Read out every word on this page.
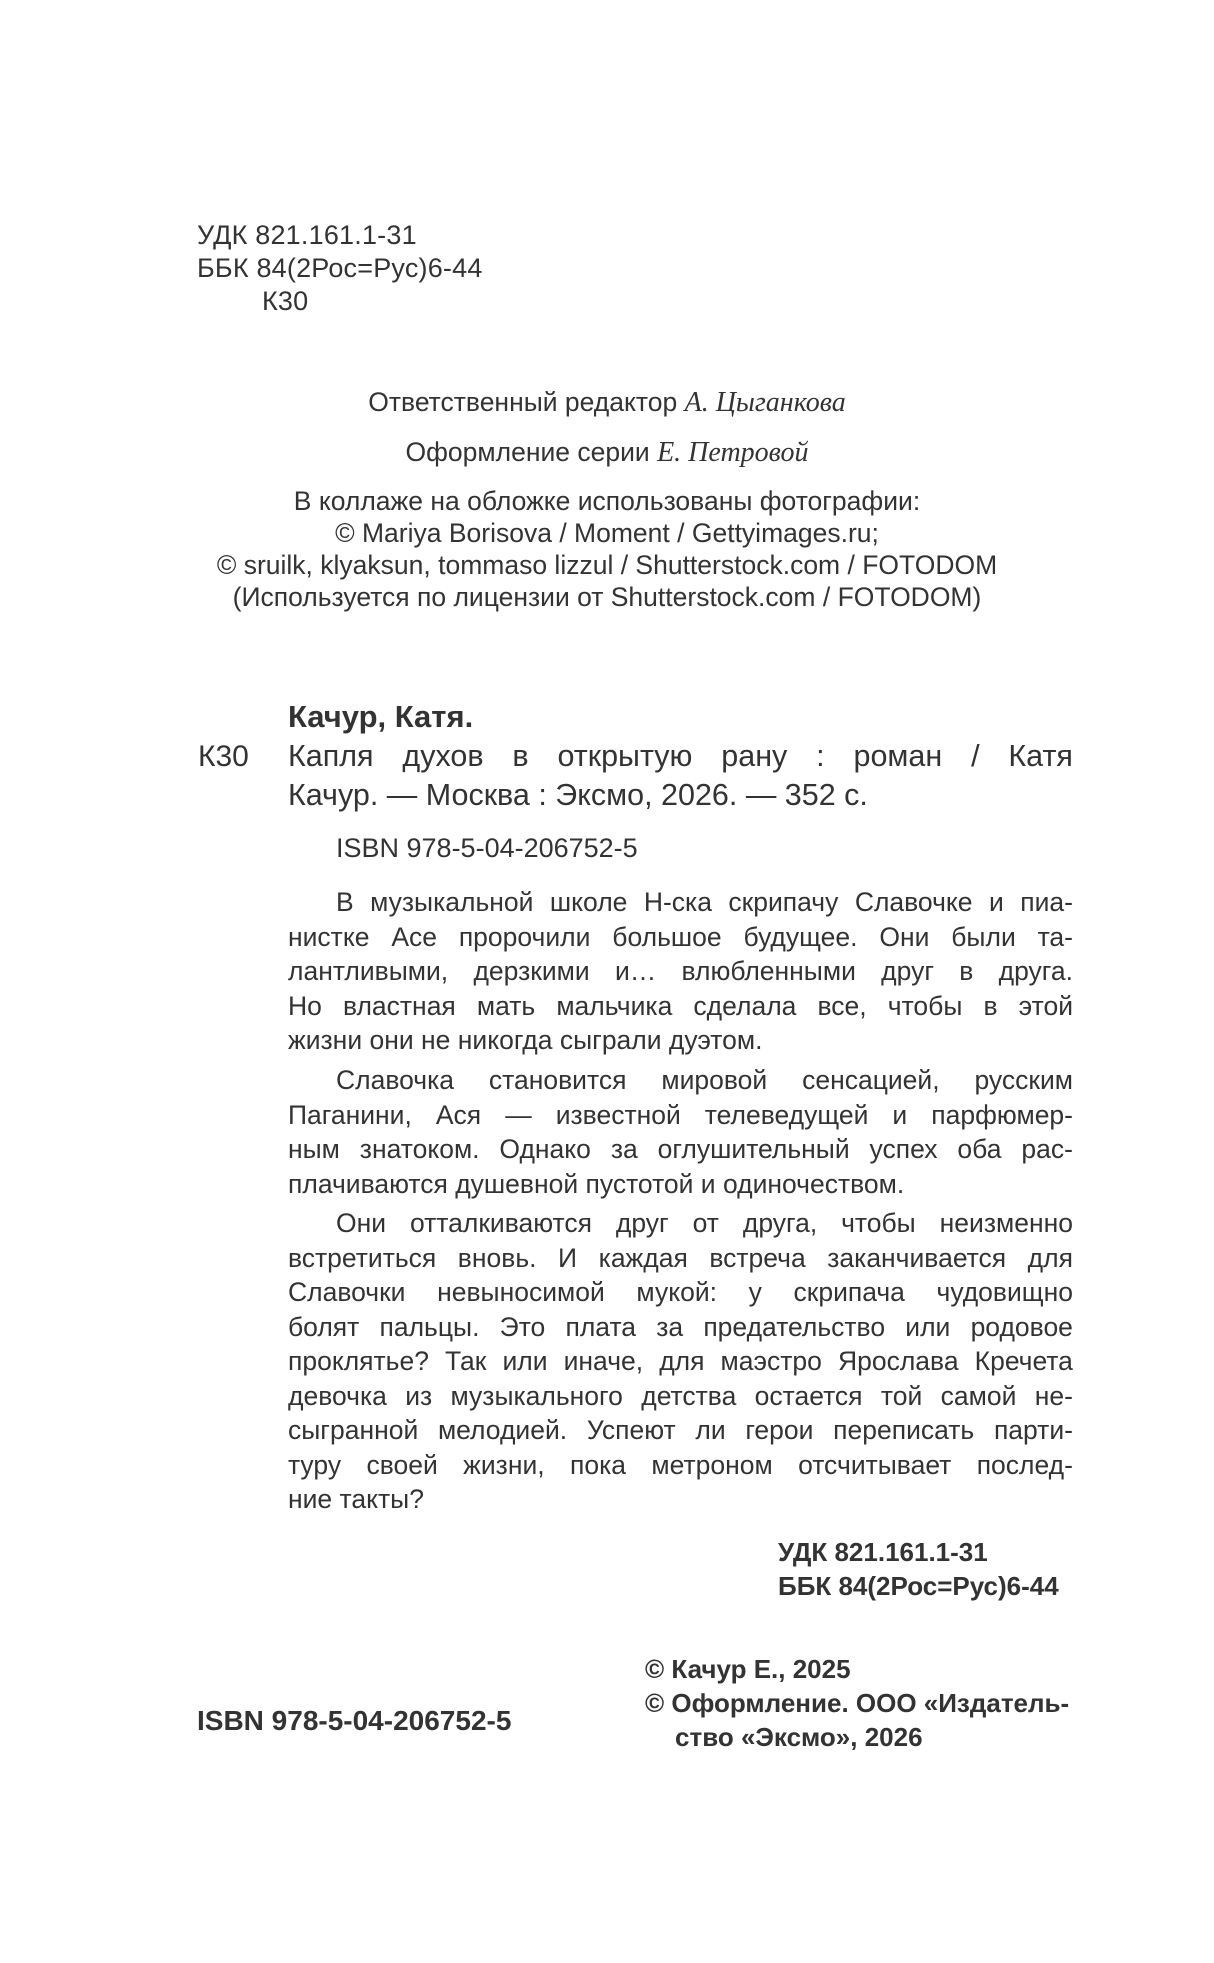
УДК 821.161.1-31
ББК 84(2Рос=Рус)6-44
К30
Ответственный редактор А. Цыганкова
Оформление серии Е. Петровой
В коллаже на обложке использованы фотографии:
© Mariya Borisova / Moment / Gettyimages.ru;
© sruilk, klyaksun, tommaso lizzul / Shutterstock.com / FOTODOM
(Используется по лицензии от Shutterstock.com / FOTODOM)
Качур, Катя.
К30 Капля духов в открытую рану : роман / Катя
Качур. — Москва : Эксмо, 2026. — 352 с.
ISBN 978-5-04-206752-5
В музыкальной школе Н-ска скрипачу Славочке и пиа-
нистке Асе пророчили большое будущее. Они были та-
лантливыми, дерзкими и… влюбленными друг в друга.
Но властная мать мальчика сделала все, чтобы в этой
жизни они не никогда сыграли дуэтом.
Славочка становится мировой сенсацией, русским
Паганини, Ася — известной телеведущей и парфюмер-
ным знатоком. Однако за оглушительный успех оба рас-
плачиваются душевной пустотой и одиночеством.
Они отталкиваются друг от друга, чтобы неизменно
встретиться вновь. И каждая встреча заканчивается для
Славочки невыносимой мукой: у скрипача чудовищно
болят пальцы. Это плата за предательство или родовое
проклятье? Так или иначе, для маэстро Ярослава Кречета
девочка из музыкального детства остается той самой не-
сыгранной мелодией. Успеют ли герои переписать парти-
туру своей жизни, пока метроном отсчитывает послед-
ние такты?
УДК 821.161.1-31
ББК 84(2Рос=Рус)6-44
© Качур Е., 2025
© Оформление. ООО «Издатель-
ство «Эксмо», 2026
ISBN 978-5-04-206752-5
